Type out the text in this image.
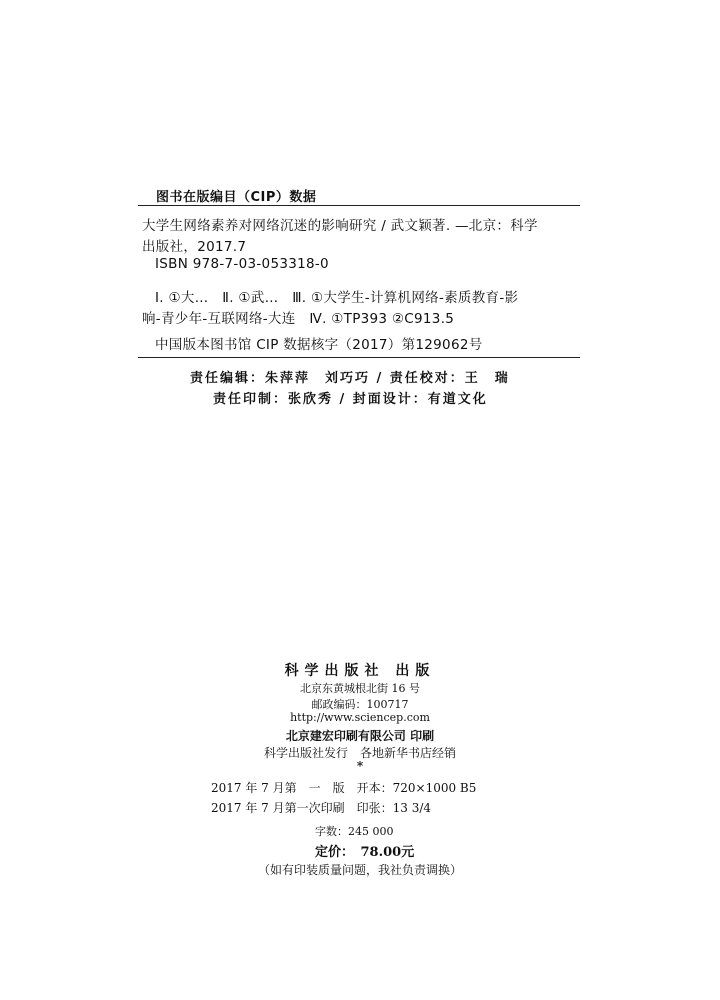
图书在版编目（CIP）数据
大学生网络素养对网络沉迷的影响研究 / 武文颖著. —北京：科学
出版社，2017.7
ISBN 978-7-03-053318-0
Ⅰ. ①大…　Ⅱ. ①武…　Ⅲ. ①大学生-计算机网络-素质教育-影
响-青少年-互联网络-大连　Ⅳ. ①TP393 ②C913.5
中国版本图书馆 CIP 数据核字（2017）第129062号
责任编辑：朱萍萍　刘巧巧 / 责任校对：王　瑞
责任印制：张欣秀 / 封面设计：有道文化
科学出版社 出版
北京东黄城根北街 16 号
邮政编码：100717
http://www.sciencep.com
北京建宏印刷有限公司 印刷
科学出版社发行　各地新华书店经销
*
2017 年 7 月第　一　版　开本：720×1000 B5
2017 年 7 月第一次印刷　印张：13 3/4
字数：245 000
定价：　78.00元
（如有印装质量问题，我社负责调换）
